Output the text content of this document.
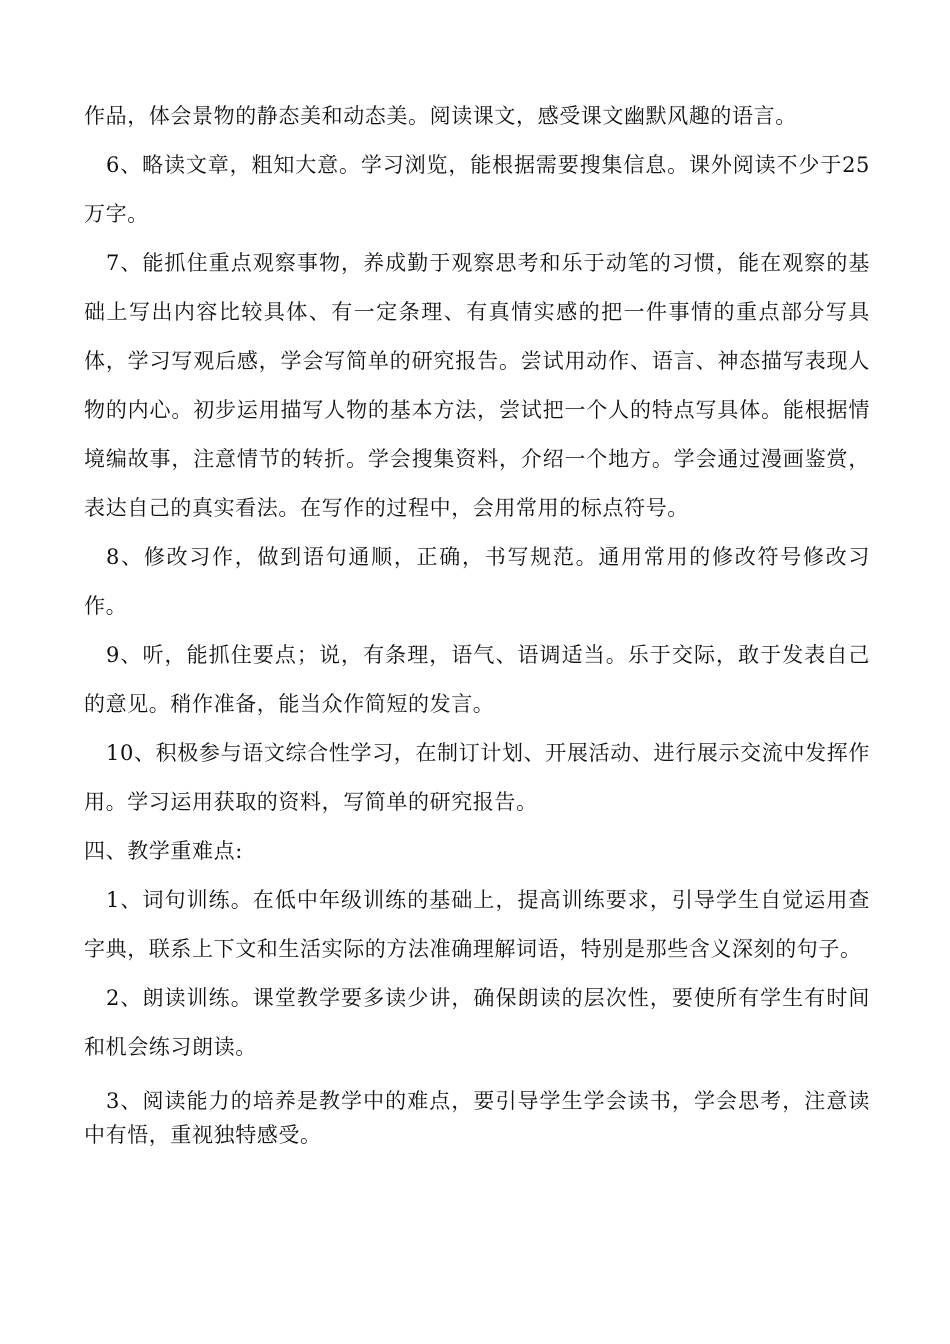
作品，体会景物的静态美和动态美。阅读课文，感受课文幽默风趣的语言。

6、略读文章，粗知大意。学习浏览，能根据需要搜集信息。课外阅读不少于25万字。

7、能抓住重点观察事物，养成勤于观察思考和乐于动笔的习惯，能在观察的基础上写出内容比较具体、有一定条理、有真情实感的把一件事情的重点部分写具体，学习写观后感，学会写简单的研究报告。尝试用动作、语言、神态描写表现人物的内心。初步运用描写人物的基本方法，尝试把一个人的特点写具体。能根据情境编故事，注意情节的转折。学会搜集资料，介绍一个地方。学会通过漫画鉴赏，表达自己的真实看法。在写作的过程中，会用常用的标点符号。

8、修改习作，做到语句通顺，正确，书写规范。通用常用的修改符号修改习作。

9、听，能抓住要点；说，有条理，语气、语调适当。乐于交际，敢于发表自己的意见。稍作准备，能当众作简短的发言。

10、积极参与语文综合性学习，在制订计划、开展活动、进行展示交流中发挥作用。学习运用获取的资料，写简单的研究报告。

四、教学重难点:

1、词句训练。在低中年级训练的基础上，提高训练要求，引导学生自觉运用查字典，联系上下文和生活实际的方法准确理解词语，特别是那些含义深刻的句子。

2、朗读训练。课堂教学要多读少讲，确保朗读的层次性，要使所有学生有时间和机会练习朗读。

3、阅读能力的培养是教学中的难点，要引导学生学会读书，学会思考，注意读中有悟，重视独特感受。
